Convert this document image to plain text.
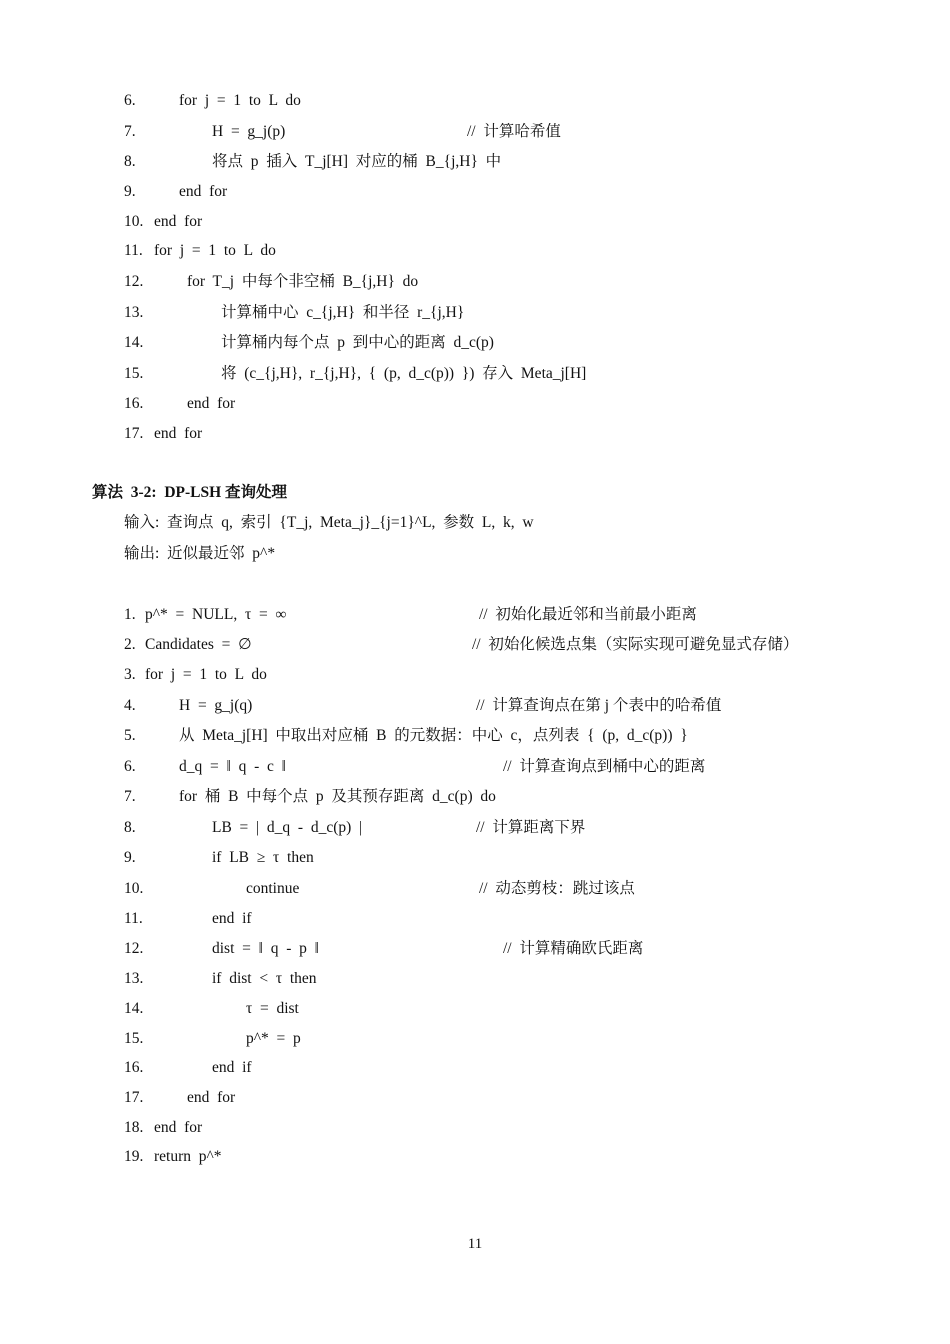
算法  3-2:  DP-LSH 查询处理
输入:  查询点  q,  索引  {T_j,  Meta_j}_{j=1}^L,  参数  L,  k,  w
输出:  近似最近邻  p^*
11
6.	for  j  =  1  to  L  do
7.	H  =  g_j(p)	//  计算哈希值
8.	将点  p  插入  T_j[H]  对应的桶  B_{j,H}  中
9.	end  for
10. end  for
11. for  j  =  1  to  L  do
12.	for  T_j  中每个非空桶  B_{j,H}  do
13.	计算桶中心  c_{j,H}  和半径  r_{j,H}
14.	计算桶内每个点  p  到中心的距离  d_c(p)
15.	将  (c_{j,H},  r_{j,H},  {  (p,  d_c(p))  })  存入  Meta_j[H]
16.	end  for
17. end  for
1. p^*  =  NULL,  τ  =  ∞	//  初始化最近邻和当前最小距离
2. Candidates  =  ∅	//  初始化候选点集（实际实现可避免显式存储）
3. for  j  =  1  to  L  do
4.	H  =  g_j(q)	//  计算查询点在第 j 个表中的哈希值
5.	从  Meta_j[H]  中取出对应桶  B  的元数据：中心  c，点列表  {  (p,  d_c(p))  }
6.	d_q  =  ‖  q  -  c  ‖	//  计算查询点到桶中心的距离
7.	for  桶  B  中每个点  p  及其预存距离  d_c(p)  do
8.	LB  =  |  d_q  -  d_c(p)  |	//  计算距离下界
9.	if  LB  ≥  τ  then
10.	continue	//  动态剪枝：跳过该点
11.	end  if
12.	dist  =  ‖  q  -  p  ‖	//  计算精确欧氏距离
13.	if  dist  <  τ  then
14.	τ  =  dist
15.	p^*  =  p
16.	end  if
17.	end  for
18. end  for
19. return  p^*
